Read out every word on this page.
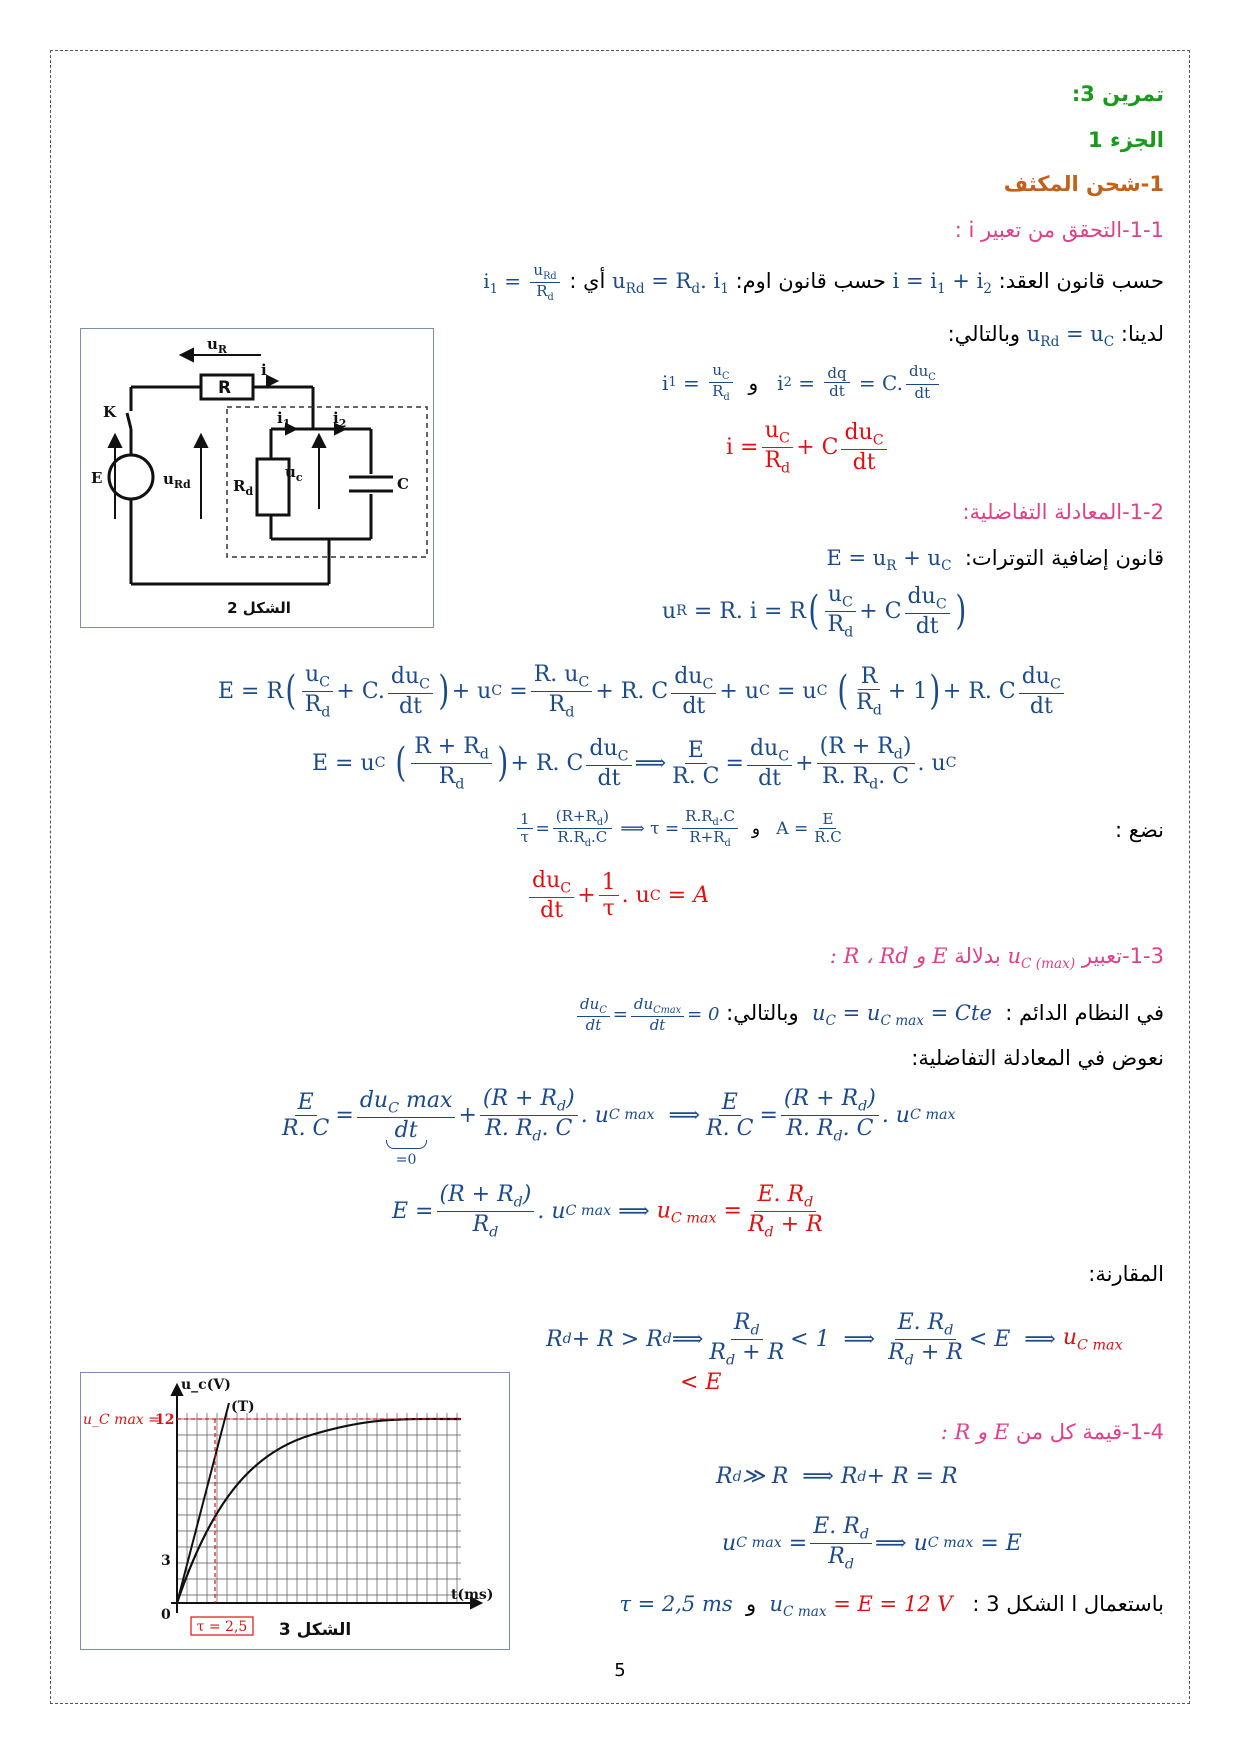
تمرين 3:
الجزء 1
1-شحن المكثف
1-1-التحقق من تعبير i :
حسب قانون العقد: $i = i_1 + i_2$ حسب قانون اوم: $u_{Rd} = R_d$. $i_1$ أي : $i_1 = u_{Rd}$
$R_d$
لدينا: $u_{Rd} = u_C$ وبالتالي:
$u_R$
R
i
K
E	$u_{Rd}$	$R_d$
$u_c$	C
$i_1$	$i_2$
الشكل 2
i 1 =
$u_C$
$R_d$

و i 2 = dq
dt = C. $du_C$
dt
i =
$u_C$
$R_d$
+ C
$du_C$
dt
1-2-المعادلة التفاضلية:
قانون إضافية التوترات:  $E = u_R + u_C$
u R = R. i = R ( $u_C$
$R_d$
+ C
$du_C$
dt )
E = R ( $u_C$
$R_d$
+ C.
$du_C$
dt ) + u C =
R. $u_C$
$R_d$
+ R. C
$du_C$
dt
+ u C = u C
( R
$R_d$
+ 1 ) + R. C
$du_C$
dt
E = u C
( $R + R_d$
$R_d$ ) + R. C
$du_C$
dt
⟹
E
R. C
=
$du_C$
dt
+
$(R + R_d)$
R. $R_d$. C
. u C
نضع :
1
τ =
$(R+R_d)$
$R.R_d.C$ ⟹ τ =
$R.R_d.C$
$R+R_d$

و A = E
R.C
$du_C$
dt
+
1
τ
. u C = A
1-3-تعبير $u_{C (max)}$ بدلالة E و R ، Rd :
في النظام الدائم :  $u_C = u_{C max}$ = Cte  وبالتالي:
$du_C$
dt =
$du_{Cmax}$
dt = 0
نعوض في المعادلة التفاضلية:
E
R. C
=
$du_C$ max
dt
=0
+
$(R + R_d)$
R. $R_d$. C
. u C max ⟹
E
R. C
=
$(R + R_d)$
R. $R_d$. C
. u C max
E =
$(R + R_d)$
$R_d$
. u C max ⟹ $u_{C max} = \frac{E. R_d}{R_d + R}$
المقارنة:
R d + R > R d ⟹
$R_d$
$R_d + R$
< 1  ⟹
E. $R_d$
$R_d + R$
< E  ⟹ $u_{C max}$
< E
u_c(V)
t(ms)
(T)
3
0
u_C max =
12
τ = 2,5 الشكل 3
1-4-قيمة كل من E و R :
R d ≫ R  ⟹ R d + R = R
u C max =
E. $R_d$
$R_d$
⟹ u C max = E
باستعمال ا الشكل 3 :   $u_{C max} = E = 12$ V  و  τ = 2,5 ms
5
